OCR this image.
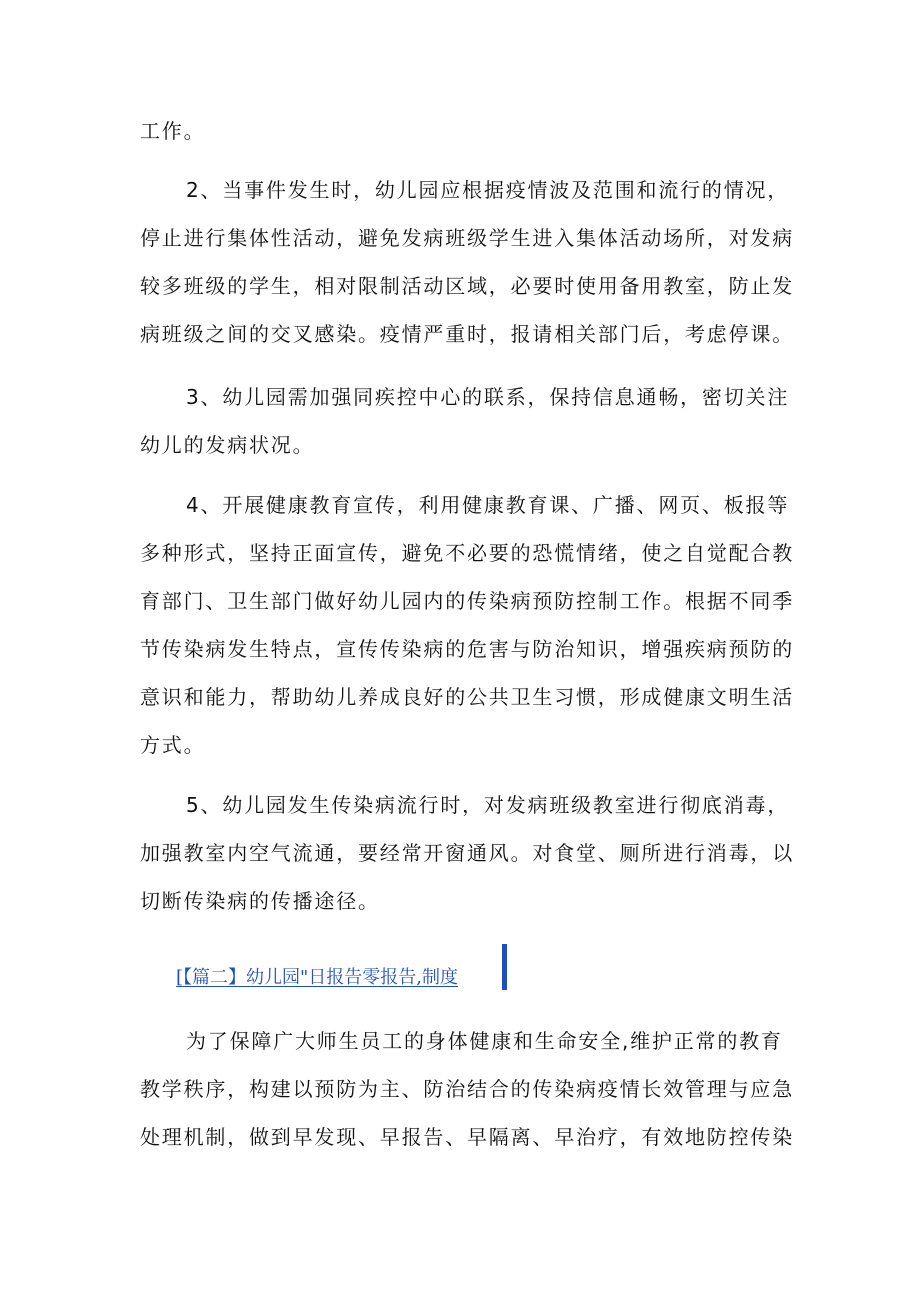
工作。
2、当事件发生时，幼儿园应根据疫情波及范围和流行的情况，
停止进行集体性活动，避免发病班级学生进入集体活动场所，对发病
较多班级的学生，相对限制活动区域，必要时使用备用教室，防止发
病班级之间的交叉感染。疫情严重时，报请相关部门后，考虑停课。
3、幼儿园需加强同疾控中心的联系，保持信息通畅，密切关注
幼儿的发病状况。
4、开展健康教育宣传，利用健康教育课、广播、网页、板报等
多种形式，坚持正面宣传，避免不必要的恐慌情绪，使之自觉配合教
育部门、卫生部门做好幼儿园内的传染病预防控制工作。根据不同季
节传染病发生特点，宣传传染病的危害与防治知识，增强疾病预防的
意识和能力，帮助幼儿养成良好的公共卫生习惯，形成健康文明生活
方式。
5、幼儿园发生传染病流行时，对发病班级教室进行彻底消毒，
加强教室内空气流通，要经常开窗通风。对食堂、厕所进行消毒，以
切断传染病的传播途径。
[【篇二】幼儿园"日报告零报告,制度
为了保障广大师生员工的身体健康和生命安全,维护正常的教育
教学秩序，构建以预防为主、防治结合的传染病疫情长效管理与应急
处理机制，做到早发现、早报告、早隔离、早治疗，有效地防控传染
